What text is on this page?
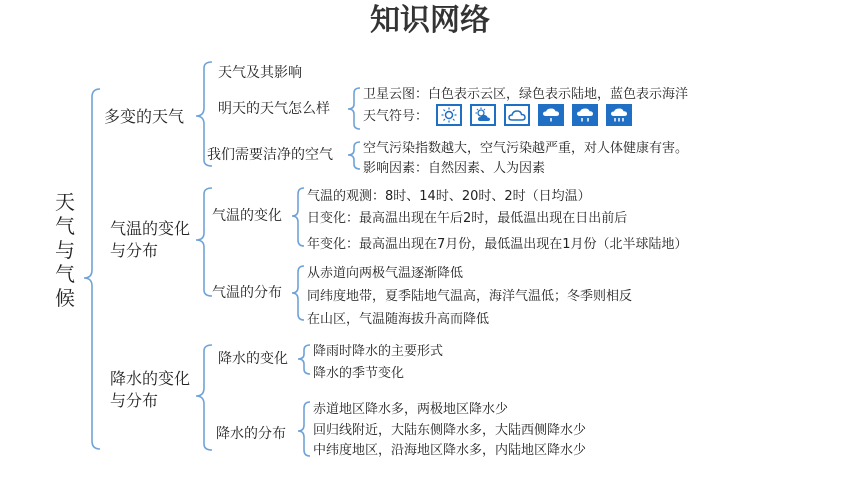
知识网络
天气与气候
多变的天气
天气及其影响
明天的天气怎么样
卫星云图：白色表示云区，绿色表示陆地，蓝色表示海洋
天气符号：
我们需要洁净的空气 空气污染指数越大，空气污染越严重，对人体健康有害。
影响因素：自然因素、人为因素
气温的变化与分布
气温的变化
气温的观测：8时、14时、20时、2时（日均温）
日变化：最高温出现在午后2时，最低温出现在日出前后
年变化：最高温出现在7月份，最低温出现在1月份（北半球陆地）
气温的分布
从赤道向两极气温逐渐降低
同纬度地带，夏季陆地气温高，海洋气温低；冬季则相反
在山区，气温随海拔升高而降低
降水的变化与分布
降水的变化 降雨时降水的主要形式
降水的季节变化
降水的分布
赤道地区降水多，两极地区降水少
回归线附近，大陆东侧降水多，大陆西侧降水少
中纬度地区，沿海地区降水多，内陆地区降水少
